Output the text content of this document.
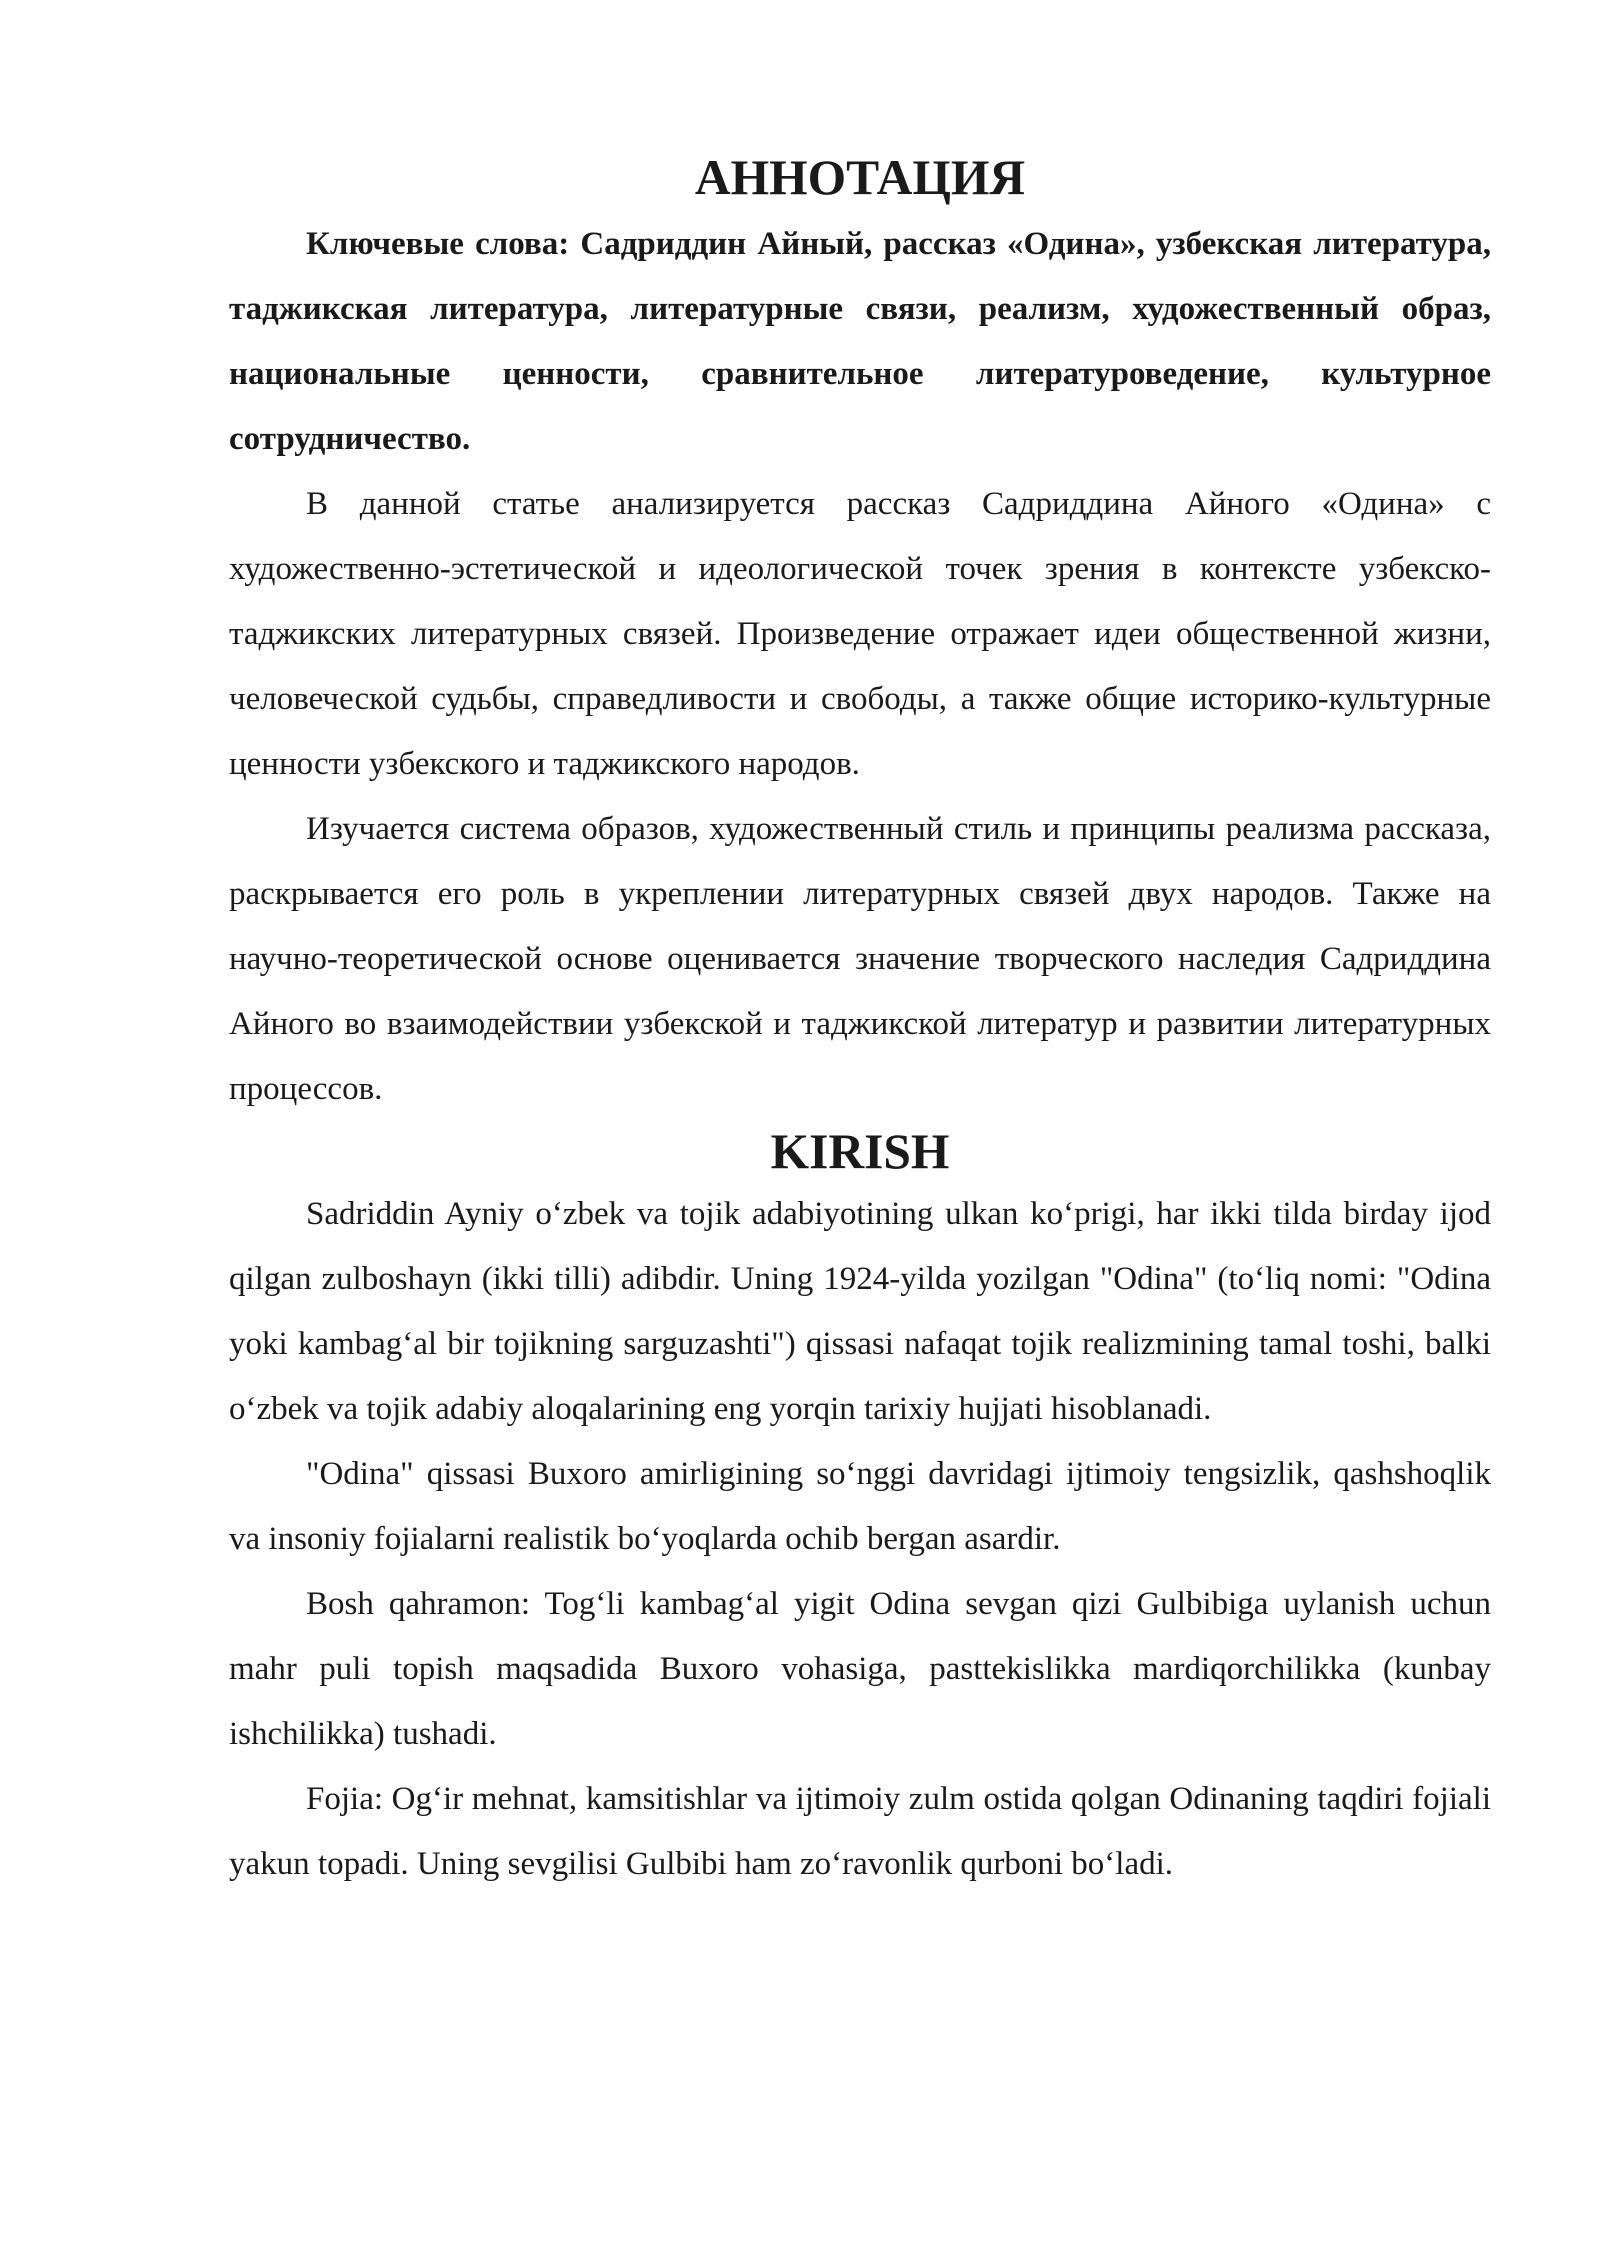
АННОТАЦИЯ

Ключевые слова: Садриддин Айный, рассказ «Одина», узбекская литература, таджикская литература, литературные связи, реализм, художественный образ, национальные ценности, сравнительное литературоведение, культурное сотрудничество.

В данной статье анализируется рассказ Садриддина Айного «Одина» с художественно-эстетической и идеологической точек зрения в контексте узбекско-таджикских литературных связей. Произведение отражает идеи общественной жизни, человеческой судьбы, справедливости и свободы, а также общие историко-культурные ценности узбекского и таджикского народов.

Изучается система образов, художественный стиль и принципы реализма рассказа, раскрывается его роль в укреплении литературных связей двух народов. Также на научно-теоретической основе оценивается значение творческого наследия Садриддина Айного во взаимодействии узбекской и таджикской литератур и развитии литературных процессов.

KIRISH

Sadriddin Ayniy o‘zbek va tojik adabiyotining ulkan ko‘prigi, har ikki tilda birday ijod qilgan zulboshayn (ikki tilli) adibdir. Uning 1924-yilda yozilgan "Odina" (to‘liq nomi: "Odina yoki kambag‘al bir tojikning sarguzashti") qissasi nafaqat tojik realizmining tamal toshi, balki o‘zbek va tojik adabiy aloqalarining eng yorqin tarixiy hujjati hisoblanadi.

"Odina" qissasi Buxoro amirligining so‘nggi davridagi ijtimoiy tengsizlik, qashshoqlik va insoniy fojialarni realistik bo‘yoqlarda ochib bergan asardir.

Bosh qahramon: Tog‘li kambag‘al yigit Odina sevgan qizi Gulbibiga uylanish uchun mahr puli topish maqsadida Buxoro vohasiga, pasttekislikka mardiqorchilikka (kunbay ishchilikka) tushadi.

Fojia: Og‘ir mehnat, kamsitishlar va ijtimoiy zulm ostida qolgan Odinaning taqdiri fojiali yakun topadi. Uning sevgilisi Gulbibi ham zo‘ravonlik qurboni bo‘ladi.
